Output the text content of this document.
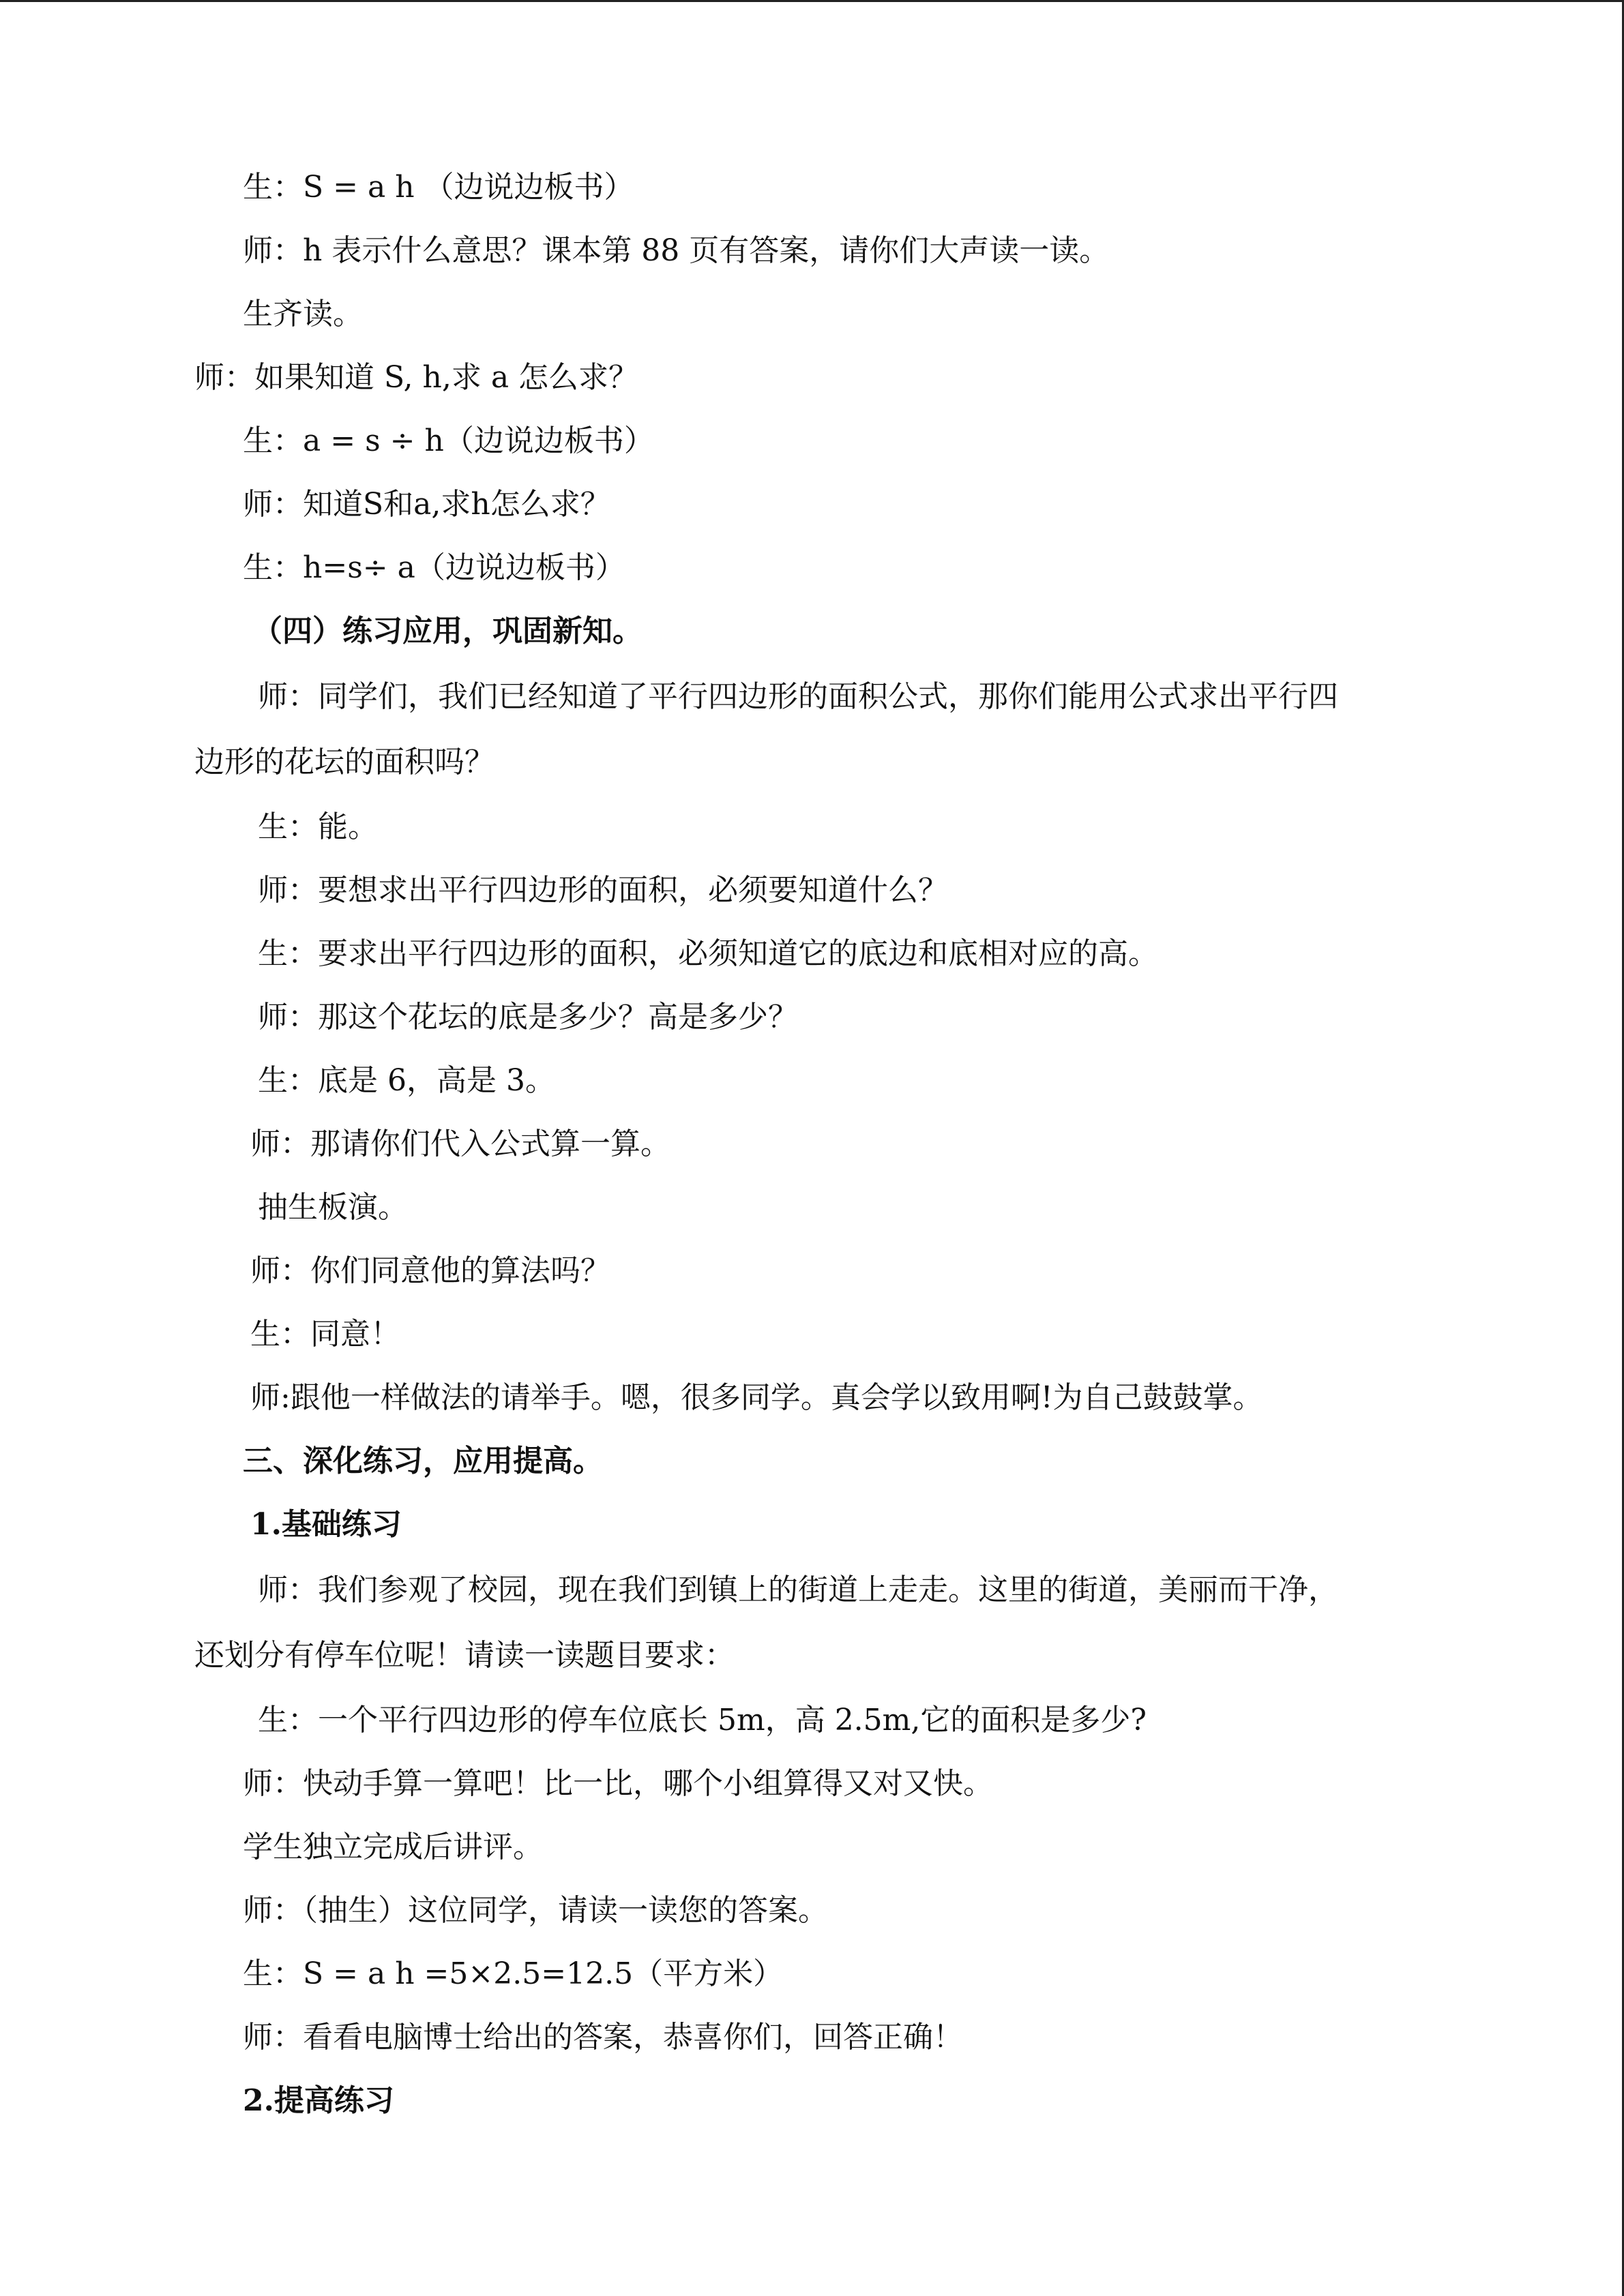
生：S = a h （边说边板书）
师：h 表示什么意思？课本第 88 页有答案，请你们大声读一读。
生齐读。
师：如果知道 S, h,求 a 怎么求？
生：a = s ÷ h（边说边板书）
师：知道S和a,求h怎么求？
生：h=s÷ a（边说边板书）
（四）练习应用，巩固新知。
师：同学们，我们已经知道了平行四边形的面积公式，那你们能用公式求出平行四
边形的花坛的面积吗？
生：能。
师：要想求出平行四边形的面积，必须要知道什么？
生：要求出平行四边形的面积，必须知道它的底边和底相对应的高。
师：那这个花坛的底是多少？高是多少？
生：底是 6，高是 3。
师：那请你们代入公式算一算。
抽生板演。
师：你们同意他的算法吗？
生：同意！
师:跟他一样做法的请举手。嗯，很多同学。真会学以致用啊!为自己鼓鼓掌。
三、深化练习，应用提高。
1.基础练习
师：我们参观了校园，现在我们到镇上的街道上走走。这里的街道，美丽而干净，
还划分有停车位呢！请读一读题目要求：
生：一个平行四边形的停车位底长 5m，高 2.5m,它的面积是多少?
师：快动手算一算吧！比一比，哪个小组算得又对又快。
学生独立完成后讲评。
师：（抽生）这位同学，请读一读您的答案。
生：S = a h =5×2.5=12.5（平方米）
师：看看电脑博士给出的答案，恭喜你们，回答正确！
2.提高练习
